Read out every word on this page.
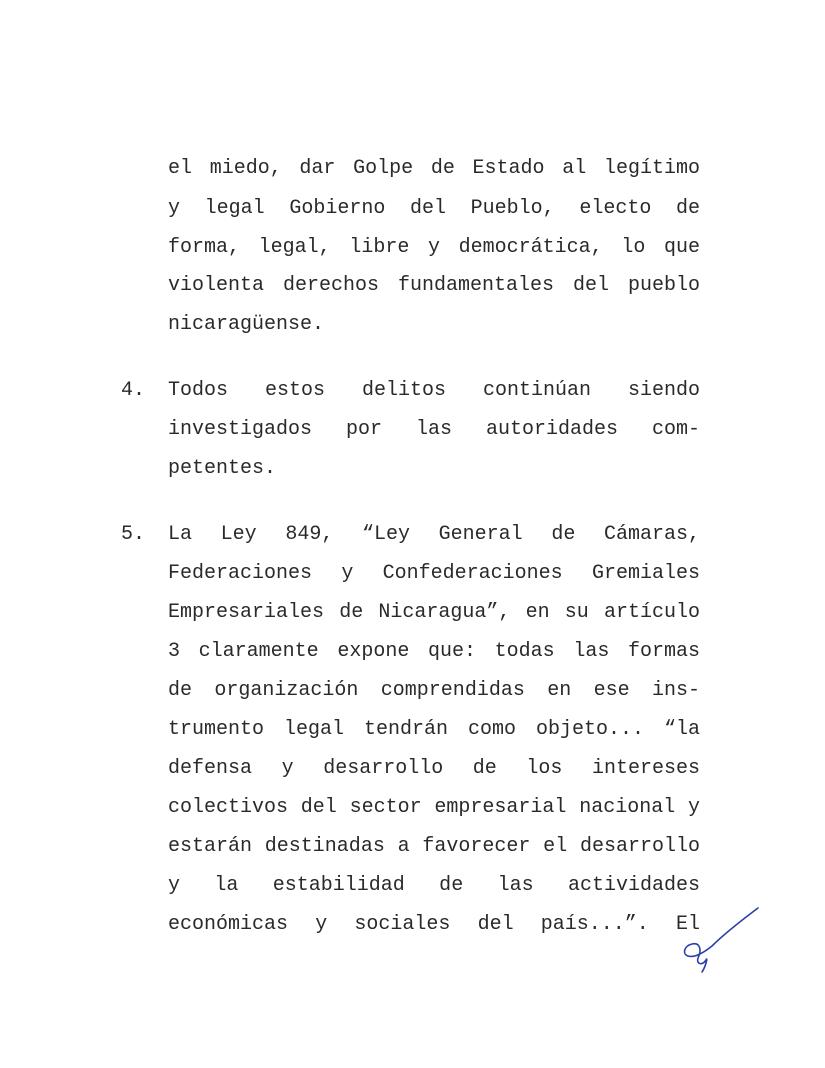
el miedo, dar Golpe de Estado al legítimo
y legal Gobierno del Pueblo, electo de
forma, legal, libre y democrática, lo que
violenta derechos fundamentales del pueblo
nicaragüense.
4.	Todos estos delitos continúan siendo
investigados por las autoridades com-
petentes.
5.	La Ley 849, “Ley General de Cámaras,
Federaciones y Confederaciones Gremiales
Empresariales de Nicaragua”, en su artículo
3 claramente expone que: todas las formas
de organización comprendidas en ese ins-
trumento legal tendrán como objeto... “la
defensa y desarrollo de los intereses
colectivos del sector empresarial nacional y
estarán destinadas a favorecer el desarrollo
y la estabilidad de las actividades
económicas y sociales del país...”. El
